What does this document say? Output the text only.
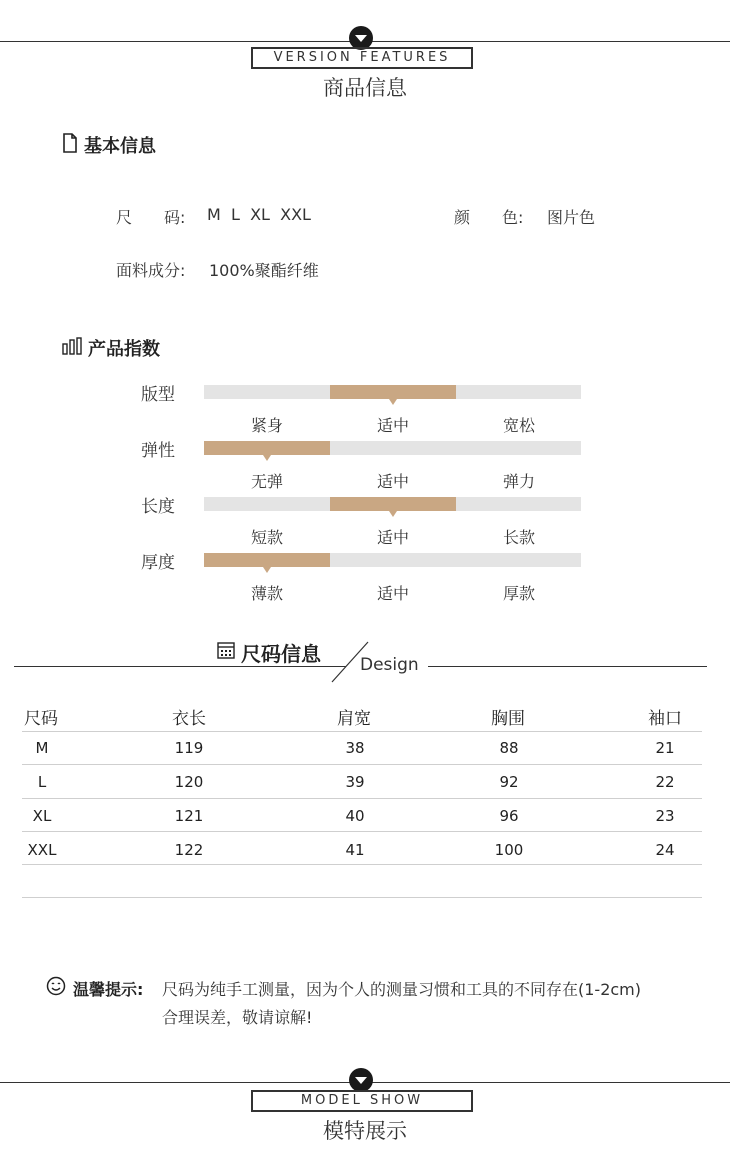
VERSION FEATURES
商品信息
基本信息
尺　　码: M  L  XL  XXL	颜　　色: 图片色
面料成分: 100%聚酯纤维
产品指数
版型
紧身	适中	宽松
弹性
无弹	适中	弹力
长度
短款	适中	长款
厚度
薄款	适中	厚款
尺码信息 Design
尺码	衣长	肩宽	胸围	袖口
M	119	38	88	21
L	120	39	92	22
XL	121	40	96	23
XXL	122	41	100	24
温馨提示: 尺码为纯手工测量，因为个人的测量习惯和工具的不同存在(1-2cm)
合理误差，敬请谅解!
MODEL SHOW
模特展示
